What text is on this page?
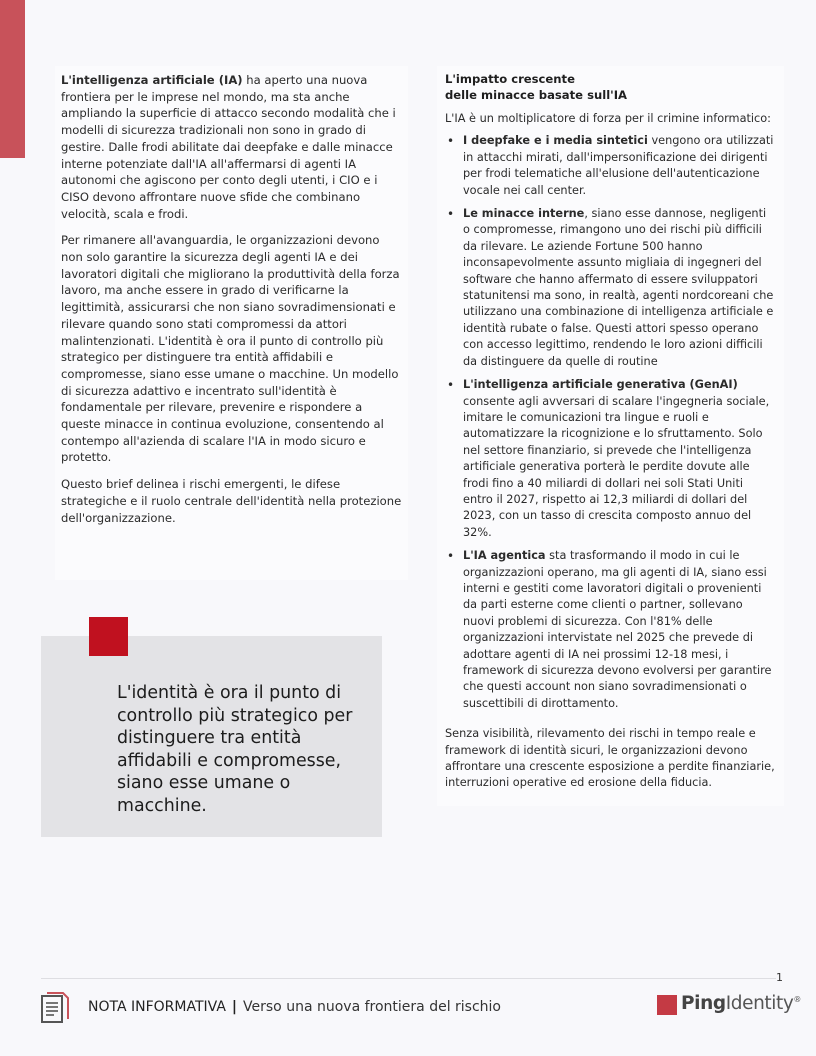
L'intelligenza artificiale (IA) ha aperto una nuova frontiera per le imprese nel mondo, ma sta anche ampliando la superficie di attacco secondo modalità che i modelli di sicurezza tradizionali non sono in grado di gestire. Dalle frodi abilitate dai deepfake e dalle minacce interne potenziate dall'IA all'affermarsi di agenti IA autonomi che agiscono per conto degli utenti, i CIO e i CISO devono affrontare nuove sfide che combinano velocità, scala e frodi.

Per rimanere all'avanguardia, le organizzazioni devono non solo garantire la sicurezza degli agenti IA e dei lavoratori digitali che migliorano la produttività della forza lavoro, ma anche essere in grado di verificarne la legittimità, assicurarsi che non siano sovradimensionati e rilevare quando sono stati compromessi da attori malintenzionati. L'identità è ora il punto di controllo più strategico per distinguere tra entità affidabili e compromesse, siano esse umane o macchine. Un modello di sicurezza adattivo e incentrato sull'identità è fondamentale per rilevare, prevenire e rispondere a queste minacce in continua evoluzione, consentendo al contempo all'azienda di scalare l'IA in modo sicuro e protetto.

Questo brief delinea i rischi emergenti, le difese strategiche e il ruolo centrale dell'identità nella protezione dell'organizzazione.

L'identità è ora il punto di controllo più strategico per distinguere tra entità affidabili e compromesse, siano esse umane o macchine.
L'impatto crescente
delle minacce basate sull'IA

L'IA è un moltiplicatore di forza per il crimine informatico:

• I deepfake e i media sintetici vengono ora utilizzati in attacchi mirati, dall'impersonificazione dei dirigenti per frodi telematiche all'elusione dell'autenticazione vocale nei call center.
• Le minacce interne, siano esse dannose, negligenti o compromesse, rimangono uno dei rischi più difficili da rilevare. Le aziende Fortune 500 hanno inconsapevolmente assunto migliaia di ingegneri del software che hanno affermato di essere sviluppatori statunitensi ma sono, in realtà, agenti nordcoreani che utilizzano una combinazione di intelligenza artificiale e identità rubate o false. Questi attori spesso operano con accesso legittimo, rendendo le loro azioni difficili da distinguere da quelle di routine
• L'intelligenza artificiale generativa (GenAI) consente agli avversari di scalare l'ingegneria sociale, imitare le comunicazioni tra lingue e ruoli e automatizzare la ricognizione e lo sfruttamento. Solo nel settore finanziario, si prevede che l'intelligenza artificiale generativa porterà le perdite dovute alle frodi fino a 40 miliardi di dollari nei soli Stati Uniti entro il 2027, rispetto ai 12,3 miliardi di dollari del 2023, con un tasso di crescita composto annuo del 32%.
• L'IA agentica sta trasformando il modo in cui le organizzazioni operano, ma gli agenti di IA, siano essi interni e gestiti come lavoratori digitali o provenienti da parti esterne come clienti o partner, sollevano nuovi problemi di sicurezza. Con l'81% delle organizzazioni intervistate nel 2025 che prevede di adottare agenti di IA nei prossimi 12-18 mesi, i framework di sicurezza devono evolversi per garantire che questi account non siano sovradimensionati o suscettibili di dirottamento.

Senza visibilità, rilevamento dei rischi in tempo reale e framework di identità sicuri, le organizzazioni devono affrontare una crescente esposizione a perdite finanziarie, interruzioni operative ed erosione della fiducia.

1
NOTA INFORMATIVA | Verso una nuova frontiera del rischio	PingIdentity®
